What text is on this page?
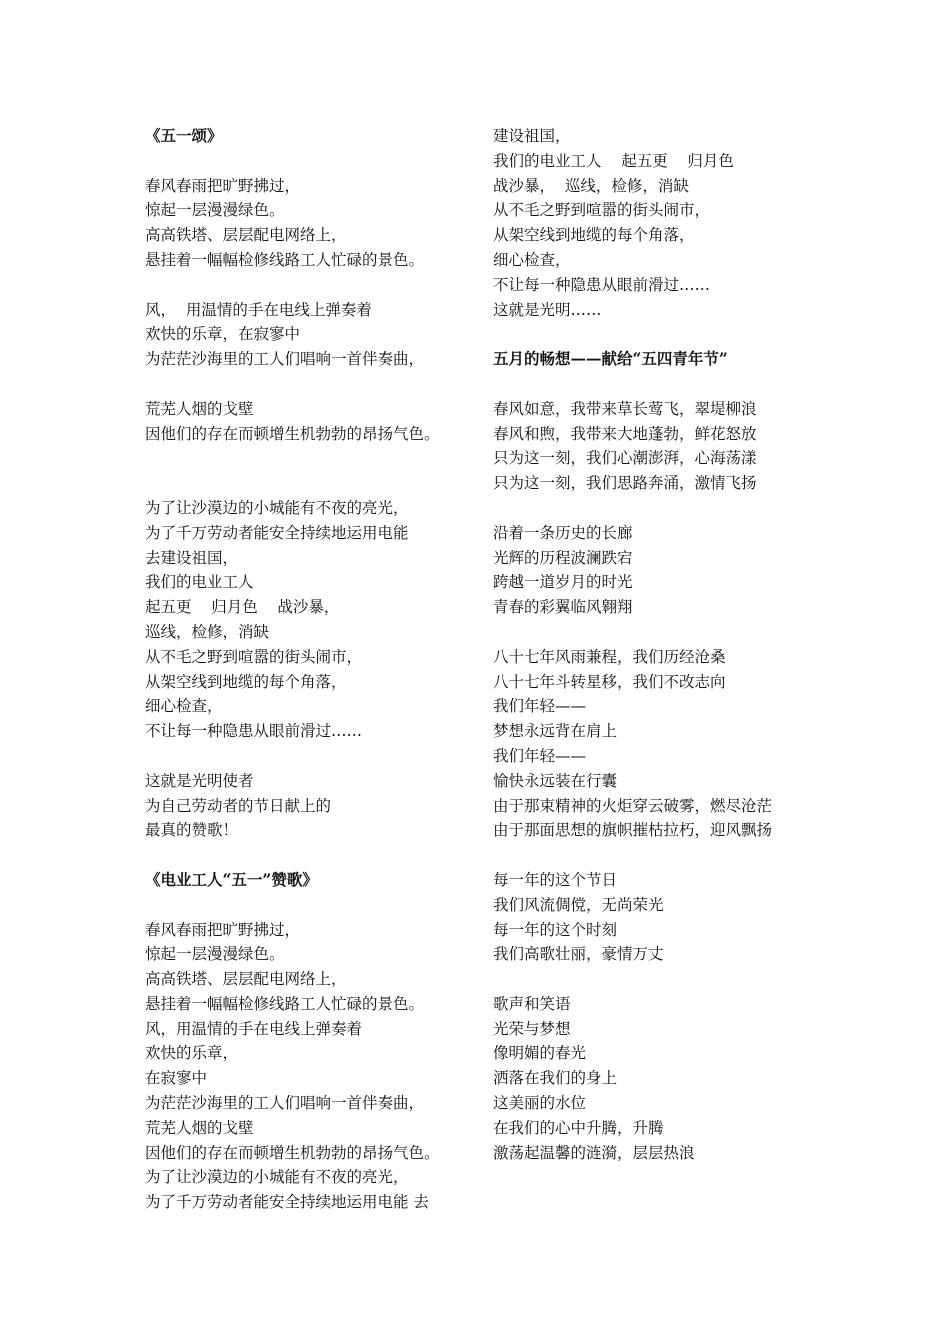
《五一颂》
春风春雨把旷野拂过，
惊起一层漫漫绿色。
高高铁塔、层层配电网络上，
悬挂着一幅幅检修线路工人忙碌的景色。
风，  用温情的手在电线上弹奏着
欢快的乐章，在寂寥中
为茫茫沙海里的工人们唱响一首伴奏曲，
荒芜人烟的戈壁
因他们的存在而顿增生机勃勃的昂扬气色。
为了让沙漠边的小城能有不夜的亮光，
为了千万劳动者能安全持续地运用电能
去建设祖国，
我们的电业工人
起五更    归月色    战沙暴，
巡线，检修，消缺
从不毛之野到喧嚣的街头闹市，
从架空线到地缆的每个角落，
细心检查，
不让每一种隐患从眼前滑过……
这就是光明使者
为自己劳动者的节日献上的
最真的赞歌！
《电业工人“五一”赞歌》
春风春雨把旷野拂过，
惊起一层漫漫绿色。
高高铁塔、层层配电网络上，
悬挂着一幅幅检修线路工人忙碌的景色。
风，用温情的手在电线上弹奏着
欢快的乐章，
在寂寥中
为茫茫沙海里的工人们唱响一首伴奏曲，
荒芜人烟的戈壁
因他们的存在而顿增生机勃勃的昂扬气色。
为了让沙漠边的小城能有不夜的亮光，
为了千万劳动者能安全持续地运用电能 去
建设祖国，
我们的电业工人    起五更    归月色
战沙暴，  巡线，检修，消缺
从不毛之野到喧嚣的街头闹市，
从架空线到地缆的每个角落，
细心检查，
不让每一种隐患从眼前滑过……
这就是光明……
五月的畅想——献给“五四青年节”
春风如意，我带来草长莺飞，翠堤柳浪
春风和煦，我带来大地蓬勃，鲜花怒放
只为这一刻，我们心潮澎湃，心海荡漾
只为这一刻，我们思路奔涌，激情飞扬
沿着一条历史的长廊
光辉的历程波澜跌宕
跨越一道岁月的时光
青春的彩翼临风翱翔
八十七年风雨兼程，我们历经沧桑
八十七年斗转星移，我们不改志向
我们年轻——
梦想永远背在肩上
我们年轻——
愉快永远装在行囊
由于那束精神的火炬穿云破雾，燃尽沧茫
由于那面思想的旗帜摧枯拉朽，迎风飘扬
每一年的这个节日
我们风流倜傥，无尚荣光
每一年的这个时刻
我们高歌壮丽，豪情万丈
歌声和笑语
光荣与梦想
像明媚的春光
洒落在我们的身上
这美丽的水位
在我们的心中升腾，升腾
激荡起温馨的涟漪，层层热浪
